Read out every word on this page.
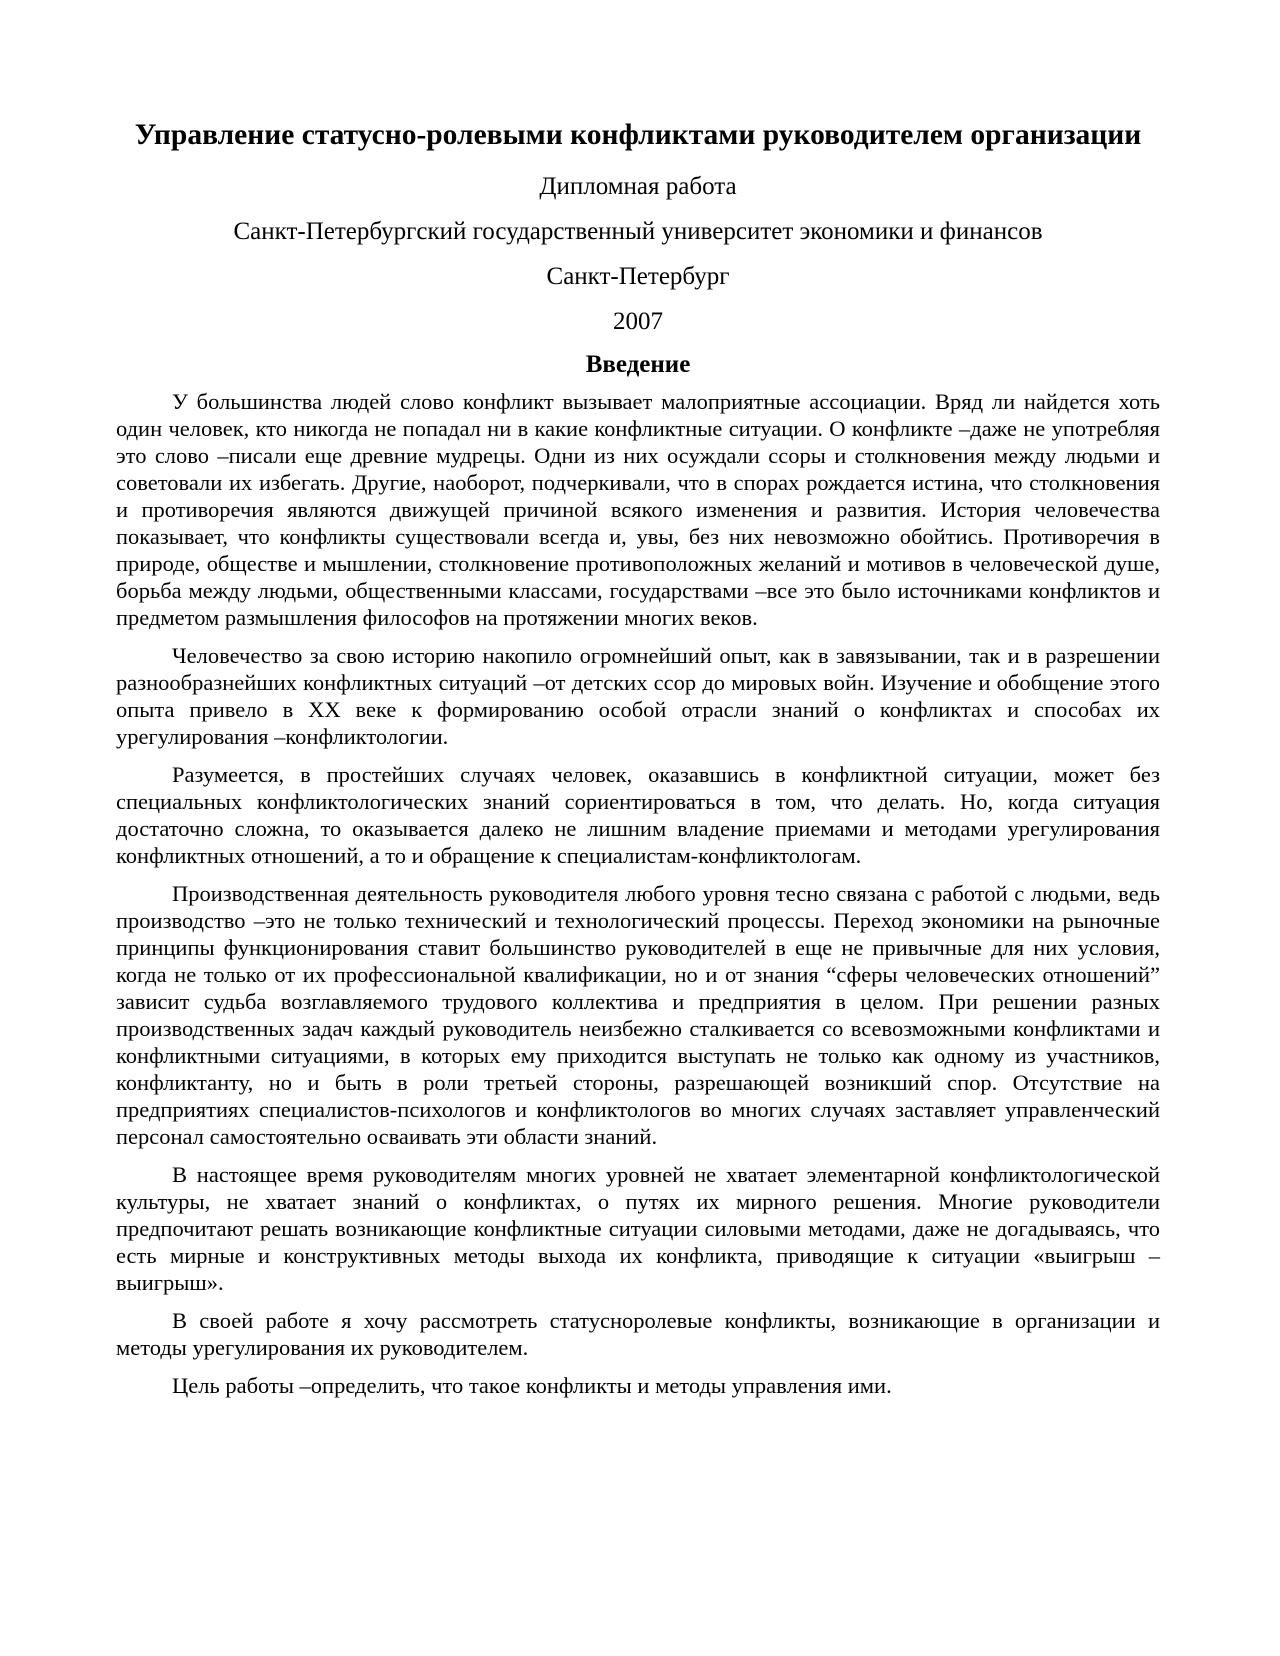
Управление статусно-ролевыми конфликтами руководителем организации

Дипломная работа

Санкт-Петербургский государственный университет экономики и финансов

Санкт-Петербург

2007

Введение

У большинства людей слово конфликт вызывает малоприятные ассоциации. Вряд ли найдется хоть один человек, кто никогда не попадал ни в какие конфликтные ситуации. О конфликте –даже не употребляя это слово –писали еще древние мудрецы. Одни из них осуждали ссоры и столкновения между людьми и советовали их избегать. Другие, наоборот, подчеркивали, что в спорах рождается истина, что столкновения и противоречия являются движущей причиной всякого изменения и развития. История человечества показывает, что конфликты существовали всегда и, увы, без них невозможно обойтись. Противоречия в природе, обществе и мышлении, столкновение противоположных желаний и мотивов в человеческой душе, борьба между людьми, общественными классами, государствами –все это было источниками конфликтов и предметом размышления философов на протяжении многих веков.

Человечество за свою историю накопило огромнейший опыт, как в завязывании, так и в разрешении разнообразнейших конфликтных ситуаций –от детских ссор до мировых войн. Изучение и обобщение этого опыта привело в XX веке к формированию особой отрасли знаний о конфликтах и способах их урегулирования –конфликтологии.

Разумеется, в простейших случаях человек, оказавшись в конфликтной ситуации, может без специальных конфликтологических знаний сориентироваться в том, что делать. Но, когда ситуация достаточно сложна, то оказывается далеко не лишним владение приемами и методами урегулирования конфликтных отношений, а то и обращение к специалистам-конфликтологам.

Производственная деятельность руководителя любого уровня тесно связана с работой с людьми, ведь производство –это не только технический и технологический процессы. Переход экономики на рыночные принципы функционирования ставит большинство руководителей в еще не привычные для них условия, когда не только от их профессиональной квалификации, но и от знания “сферы человеческих отношений” зависит судьба возглавляемого трудового коллектива и предприятия в целом. При решении разных производственных задач каждый руководитель неизбежно сталкивается со всевозможными конфликтами и конфликтными ситуациями, в которых ему приходится выступать не только как одному из участников, конфликтанту, но и быть в роли третьей стороны, разрешающей возникший спор. Отсутствие на предприятиях специалистов-психологов и конфликтологов во многих случаях заставляет управленческий персонал самостоятельно осваивать эти области знаний.

В настоящее время руководителям многих уровней не хватает элементарной конфликтологической культуры, не хватает знаний о конфликтах, о путях их мирного решения. Многие руководители предпочитают решать возникающие конфликтные ситуации силовыми методами, даже не догадываясь, что есть мирные и конструктивных методы выхода их конфликта, приводящие к ситуации «выигрыш –выигрыш».

В своей работе я хочу рассмотреть статуснoролевые конфликты, возникающие в организации и методы урегулирования их руководителем.

Цель работы –определить, что такое конфликты и методы управления ими.
